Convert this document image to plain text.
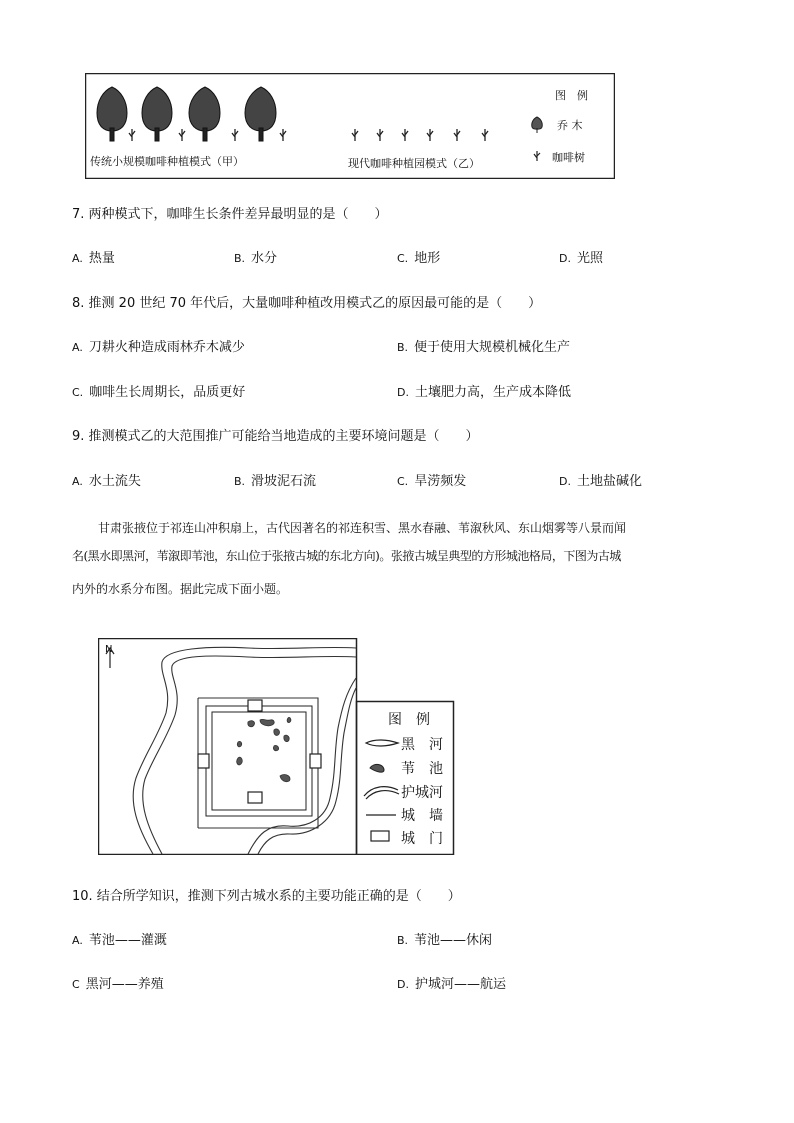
传统小规模咖啡种植模式（甲）	现代咖啡种植园模式（乙）
图　例
乔 木
咖啡树
7. 两种模式下，咖啡生长条件差异最明显的是（　　）
A. 热量	B. 水分	C. 地形	D. 光照
8. 推测 20 世纪 70 年代后，大量咖啡种植改用模式乙的原因最可能的是（　　）
A. 刀耕火种造成雨林乔木减少	B. 便于使用大规模机械化生产
C. 咖啡生长周期长，品质更好	D. 土壤肥力高，生产成本降低
9. 推测模式乙的大范围推广可能给当地造成的主要环境问题是（　　）
A. 水土流失	B. 滑坡泥石流	C. 旱涝频发	D. 土地盐碱化
甘肃张掖位于祁连山冲积扇上，古代因著名的祁连积雪、黑水春融、苇溆秋风、东山烟雾等八景而闻
名(黑水即黑河，苇溆即苇池，东山位于张掖古城的东北方向)。张掖古城呈典型的方形城池格局，下图为古城
内外的水系分布图。据此完成下面小题。
N
图　例
黑　河
苇　池
护城河
城　墙
城　门
10. 结合所学知识，推测下列古城水系的主要功能正确的是（　　）
A. 苇池——灌溉	B. 苇池——休闲
C 黑河——养殖	D. 护城河——航运
